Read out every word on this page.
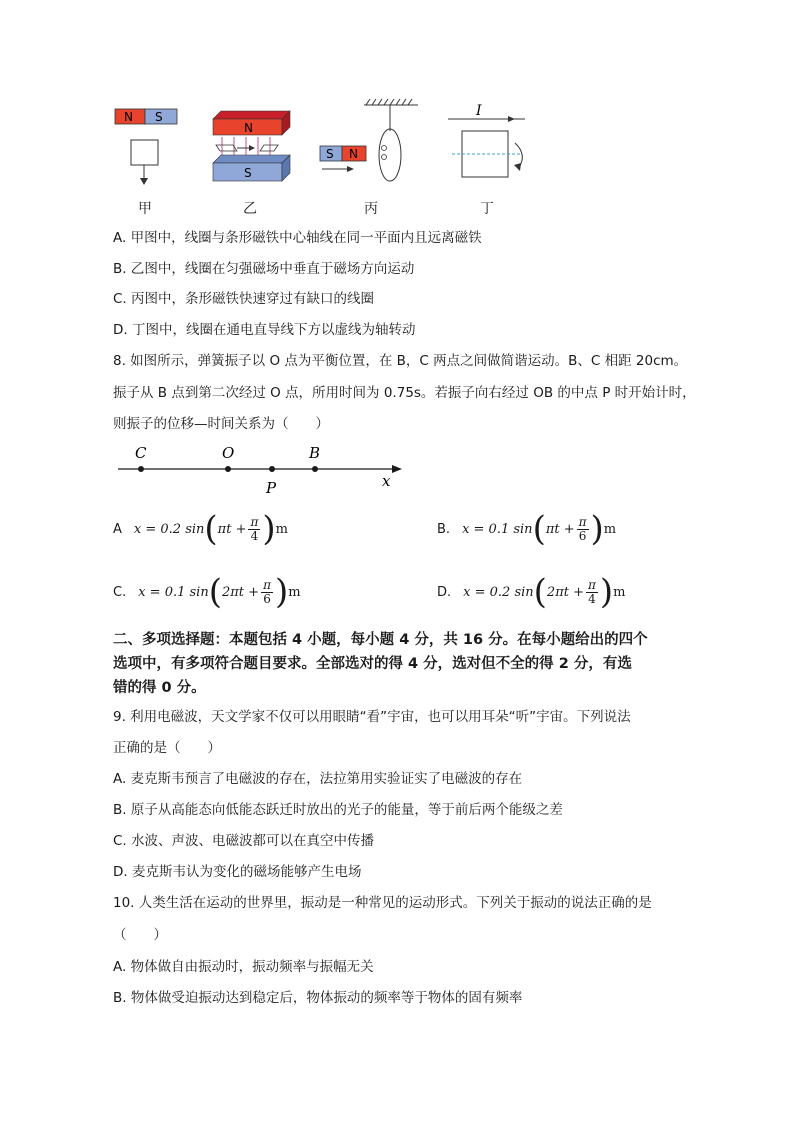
N S
N
S
S N
I
甲	乙	丙	丁
A. 甲图中，线圈与条形磁铁中心轴线在同一平面内且远离磁铁
B. 乙图中，线圈在匀强磁场中垂直于磁场方向运动
C. 丙图中，条形磁铁快速穿过有缺口的线圈
D. 丁图中，线圈在通电直导线下方以虚线为轴转动
8. 如图所示，弹簧振子以 O 点为平衡位置，在 B，C 两点之间做简谐运动。B、C 相距 20cm。
振子从 B 点到第二次经过 O 点，所用时间为 0.75s。若振子向右经过 OB 的中点 P 时开始计时，
则振子的位移—时间关系为（　　）
C	O	B
P	x
A x = 0.2 sin ( $\pi t + \frac{\pi}{4}$ ) m	B. x = 0.1 sin ( $\pi t + \frac{\pi}{6}$ ) m
C. x = 0.1 sin ( $2\pi t + \frac{\pi}{6}$ ) m	D. x = 0.2 sin ( $2\pi t + \frac{\pi}{4}$ ) m
二、多项选择题：本题包括 4 小题，每小题 4 分，共 16 分。在每小题给出的四个
选项中，有多项符合题目要求。全部选对的得 4 分，选对但不全的得 2 分，有选
错的得 0 分。
9. 利用电磁波，天文学家不仅可以用眼睛“看”宇宙，也可以用耳朵“听”宇宙。下列说法
正确的是（　　）
A. 麦克斯韦预言了电磁波的存在，法拉第用实验证实了电磁波的存在
B. 原子从高能态向低能态跃迁时放出的光子的能量，等于前后两个能级之差
C. 水波、声波、电磁波都可以在真空中传播
D. 麦克斯韦认为变化的磁场能够产生电场
10. 人类生活在运动的世界里，振动是一种常见的运动形式。下列关于振动的说法正确的是
（　　）
A. 物体做自由振动时，振动频率与振幅无关
B. 物体做受迫振动达到稳定后，物体振动的频率等于物体的固有频率
